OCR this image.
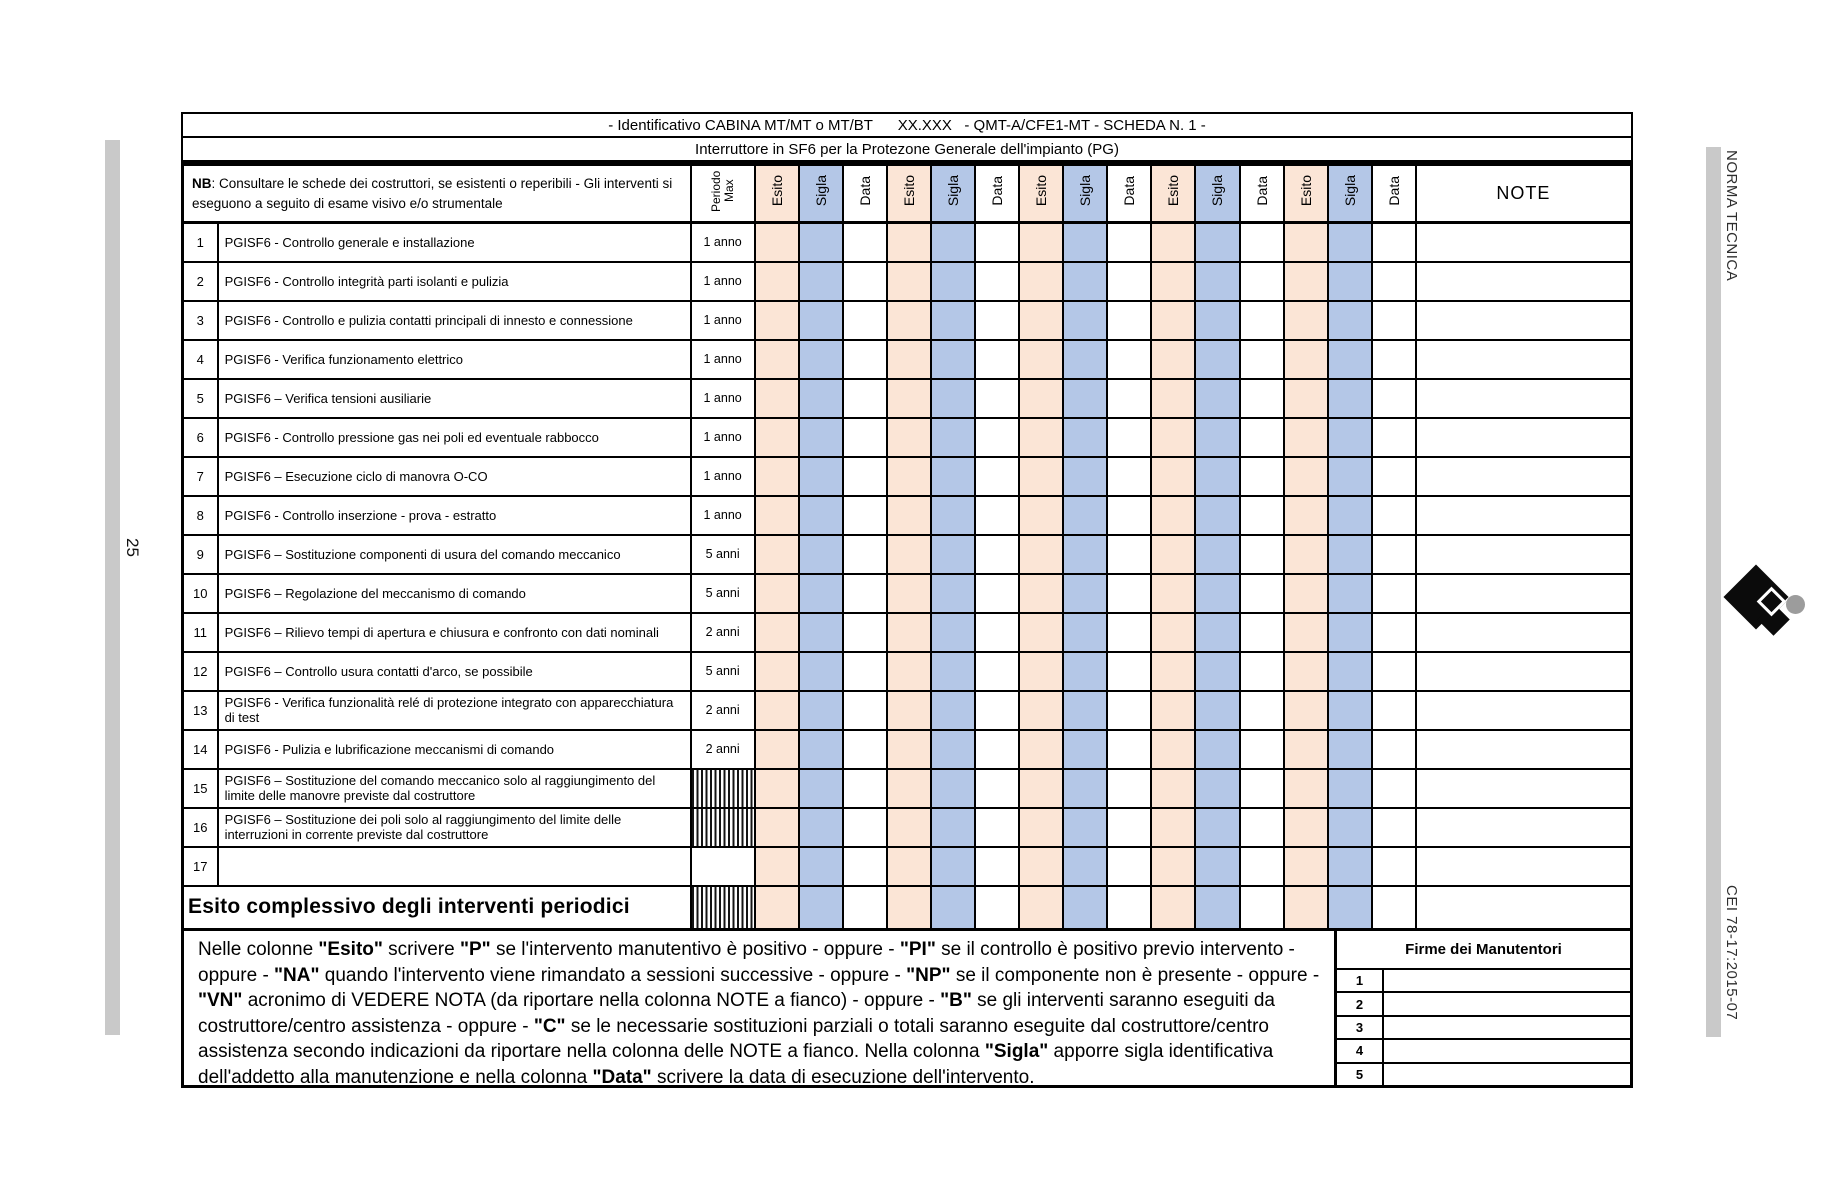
25
NORMA TECNICA
CEI 78-17:2015-07
- Identificativo CABINA MT/MT o MT/BT      XX.XXX   - QMT-A/CFE1-MT - SCHEDA N. 1 -
Interruttore in SF6 per la Protezone Generale dell'impianto (PG)
NB: Consultare le schede dei costruttori, se esistenti o reperibili - Gli interventi si eseguono a seguito di esame visivo e/o strumentale		Periodo Max	Esito	Sigla	Data	Esito	Sigla	Data	Esito	Sigla	Data	Esito	Sigla	Data	Esito	Sigla	Data	NOTE
1	PGISF6 - Controllo generale e installazione	1 anno																
2	PGISF6 - Controllo integrità parti isolanti e pulizia	1 anno																
3	PGISF6 - Controllo e pulizia contatti principali di innesto e connessione	1 anno																
4	PGISF6 - Verifica funzionamento elettrico	1 anno																
5	PGISF6 – Verifica tensioni ausiliarie	1 anno																
6	PGISF6 - Controllo pressione gas nei poli ed eventuale rabbocco	1 anno																
7	PGISF6 – Esecuzione ciclo di manovra O-CO	1 anno																
8	PGISF6 - Controllo inserzione - prova - estratto	1 anno																
9	PGISF6 – Sostituzione componenti di usura del comando meccanico	5 anni																
10	PGISF6 – Regolazione del meccanismo di comando	5 anni																
11	PGISF6 – Rilievo tempi di apertura e chiusura e confronto con dati nominali	2 anni																
12	PGISF6 – Controllo usura contatti d'arco, se possibile	5 anni																
13	PGISF6 - Verifica funzionalità relé di protezione integrato con apparecchiatura di test	2 anni																
14	PGISF6 - Pulizia e lubrificazione meccanismi di comando	2 anni																
15	PGISF6 – Sostituzione del comando meccanico solo al raggiungimento del limite delle manovre previste dal costruttore																	
16	PGISF6 – Sostituzione dei poli solo al raggiungimento del limite delle interruzioni in corrente previste dal costruttore																	
17																		
Esito complessivo degli interventi periodici																		
Nelle colonne "Esito" scrivere "P" se l'intervento manutentivo è positivo - oppure - "PI" se il controllo è positivo previo intervento - oppure - "NA" quando l'intervento viene rimandato a sessioni successive - oppure - "NP" se il componente non è presente - oppure - "VN" acronimo di VEDERE NOTA (da riportare nella colonna NOTE a fianco) - oppure - "B" se gli interventi saranno eseguiti da costruttore/centro assistenza - oppure - "C" se le necessarie sostituzioni parziali o totali saranno eseguite dal costruttore/centro assistenza secondo indicazioni da riportare nella colonna delle NOTE a fianco. Nella colonna "Sigla" apporre sigla identificativa dell'addetto alla manutenzione e nella colonna "Data" scrivere la data di esecuzione dell'intervento.
Firme dei Manutentori
1
2
3
4
5
